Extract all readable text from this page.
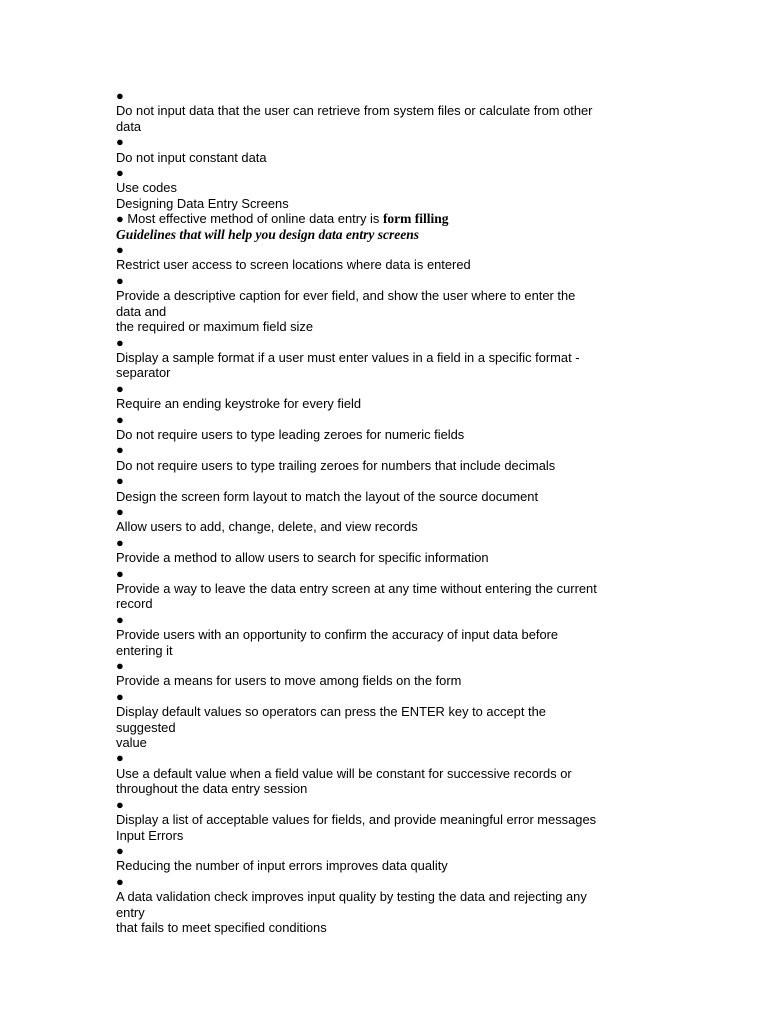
●
Do not input data that the user can retrieve from system files or calculate from other
data
●
Do not input constant data
●
Use codes
Designing Data Entry Screens
● Most effective method of online data entry is form filling
Guidelines that will help you design data entry screens
●
Restrict user access to screen locations where data is entered
●
Provide a descriptive caption for ever field, and show the user where to enter the
data and
the required or maximum field size
●
Display a sample format if a user must enter values in a field in a specific format -
separator
●
Require an ending keystroke for every field
●
Do not require users to type leading zeroes for numeric fields
●
Do not require users to type trailing zeroes for numbers that include decimals
●
Design the screen form layout to match the layout of the source document
●
Allow users to add, change, delete, and view records
●
Provide a method to allow users to search for specific information
●
Provide a way to leave the data entry screen at any time without entering the current
record
●
Provide users with an opportunity to confirm the accuracy of input data before
entering it
●
Provide a means for users to move among fields on the form
●
Display default values so operators can press the ENTER key to accept the
suggested
value
●
Use a default value when a field value will be constant for successive records or
throughout the data entry session
●
Display a list of acceptable values for fields, and provide meaningful error messages
Input Errors
●
Reducing the number of input errors improves data quality
●
A data validation check improves input quality by testing the data and rejecting any
entry
that fails to meet specified conditions
